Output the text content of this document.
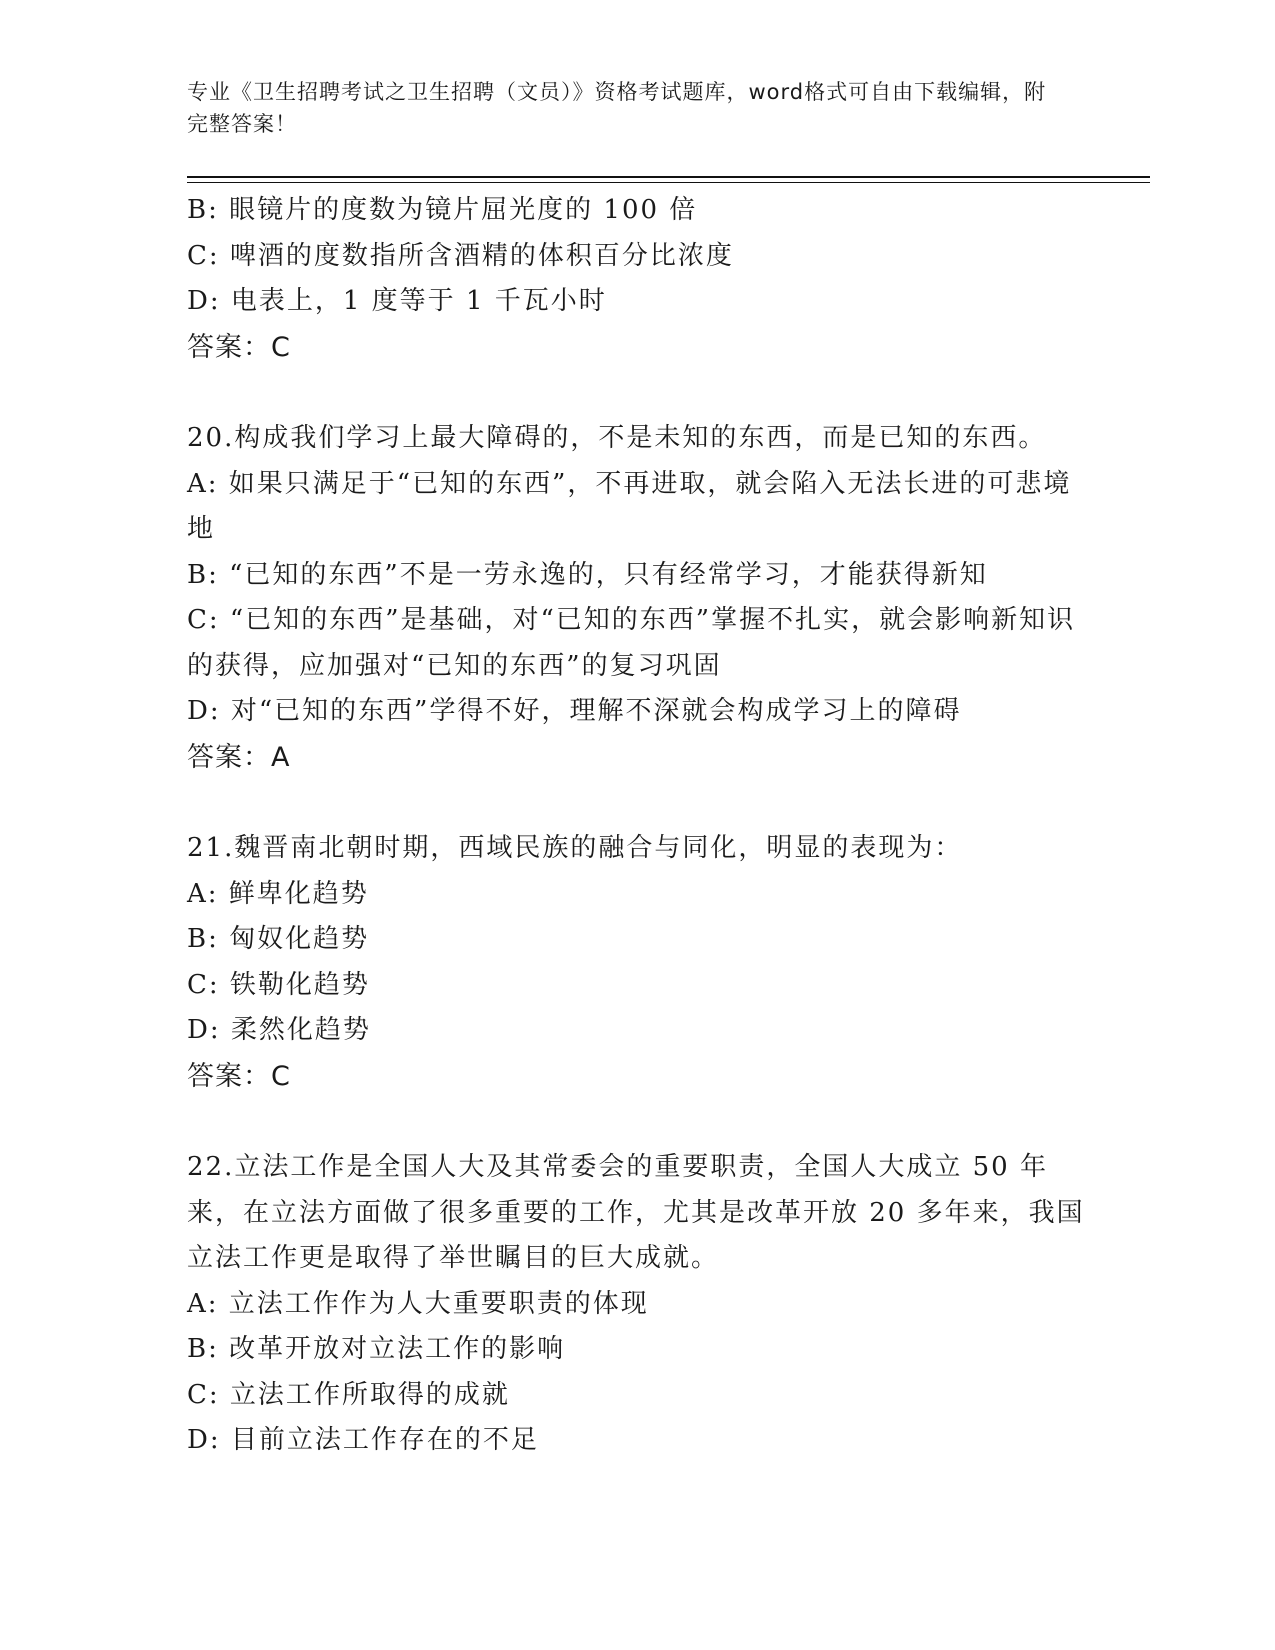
专业《卫生招聘考试之卫生招聘（文员）》资格考试题库，word格式可自由下载编辑，附完整答案！
B: 眼镜片的度数为镜片屈光度的 100 倍
C: 啤酒的度数指所含酒精的体积百分比浓度
D: 电表上，1 度等于 1 千瓦小时
答案：C
20.构成我们学习上最大障碍的，不是未知的东西，而是已知的东西。
A: 如果只满足于“已知的东西”，不再进取，就会陷入无法长进的可悲境地
B: “已知的东西”不是一劳永逸的，只有经常学习，才能获得新知
C: “已知的东西”是基础，对“已知的东西”掌握不扎实，就会影响新知识的获得，应加强对“已知的东西”的复习巩固
D: 对“已知的东西”学得不好，理解不深就会构成学习上的障碍
答案：A
21.魏晋南北朝时期，西域民族的融合与同化，明显的表现为：
A: 鲜卑化趋势
B: 匈奴化趋势
C: 铁勒化趋势
D: 柔然化趋势
答案：C
22.立法工作是全国人大及其常委会的重要职责，全国人大成立 50 年来，在立法方面做了很多重要的工作，尤其是改革开放 20 多年来，我国立法工作更是取得了举世瞩目的巨大成就。
A: 立法工作作为人大重要职责的体现
B: 改革开放对立法工作的影响
C: 立法工作所取得的成就
D: 目前立法工作存在的不足
